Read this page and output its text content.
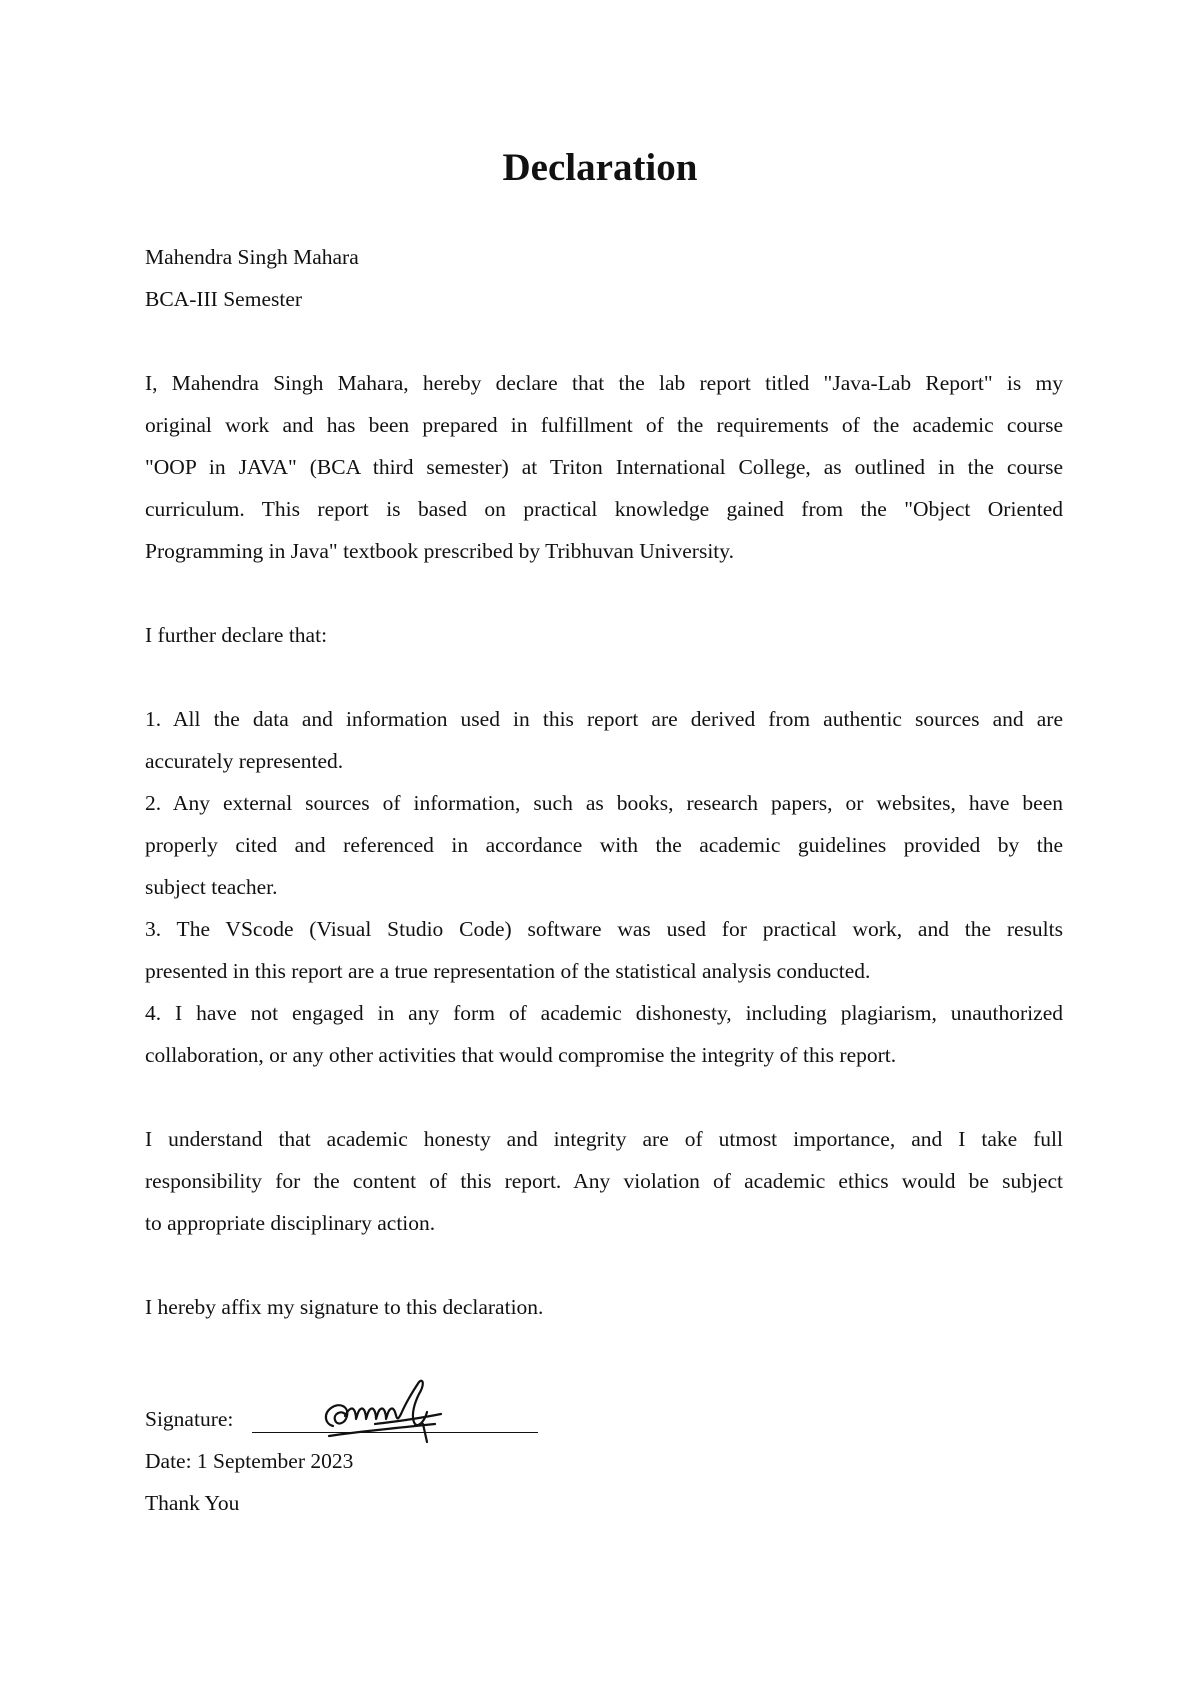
Declaration
Mahendra Singh Mahara
BCA-III Semester
I, Mahendra Singh Mahara, hereby declare that the lab report titled "Java-Lab Report" is my
original work and has been prepared in fulfillment of the requirements of the academic course
"OOP in JAVA" (BCA third semester) at Triton International College, as outlined in the course
curriculum. This report is based on practical knowledge gained from the "Object Oriented
Programming in Java" textbook prescribed by Tribhuvan University.
I further declare that:
1. All the data and information used in this report are derived from authentic sources and are
accurately represented.
2. Any external sources of information, such as books, research papers, or websites, have been
properly cited and referenced in accordance with the academic guidelines provided by the
subject teacher.
3. The VScode (Visual Studio Code) software was used for practical work, and the results
presented in this report are a true representation of the statistical analysis conducted.
4. I have not engaged in any form of academic dishonesty, including plagiarism, unauthorized
collaboration, or any other activities that would compromise the integrity of this report.
I understand that academic honesty and integrity are of utmost importance, and I take full
responsibility for the content of this report. Any violation of academic ethics would be subject
to appropriate disciplinary action.
I hereby affix my signature to this declaration.
Signature:
Date: 1 September 2023
Thank You
